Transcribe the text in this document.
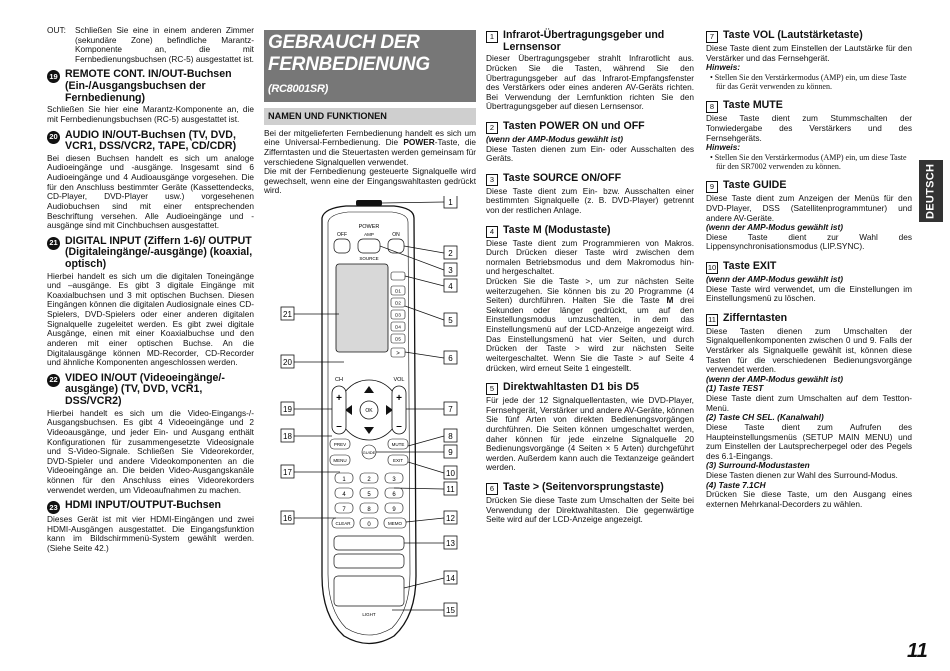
OUT:	Schließen Sie eine in einem anderen Zimmer (sekundäre Zone) befindliche Marantz-Komponente an, die mit Fernbedienungsbuchsen (RC-5) ausgestattet ist.

19 REMOTE CONT. IN/OUT-Buchsen (Ein-/Ausgangsbuchsen der Fernbedienung)

Schließen Sie hier eine Marantz-Komponente an, die mit Fernbedienungsbuchsen (RC-5) ausgestattet ist.

20 AUDIO IN/OUT-Buchsen (TV, DVD, VCR1, DSS/VCR2, TAPE, CD/CDR)

Bei diesen Buchsen handelt es sich um analoge Audioeingänge und -ausgänge. Insgesamt sind 6 Audioeingänge und 4 Audioausgänge vorgesehen. Die für den Anschluss bestimmter Geräte (Kassettendecks, CD-Player, DVD-Player usw.) vorgesehenen Audiobuchsen sind mit einer entsprechenden Beschriftung versehen. Alle Audioeingänge und -ausgänge sind mit Cinchbuchsen ausgestattet.

21 DIGITAL INPUT (Ziffern 1-6)/ OUTPUT (Digitaleingänge/-ausgänge) (koaxial, optisch)

Hierbei handelt es sich um die digitalen Toneingänge und –ausgänge. Es gibt 3 digitale Eingänge mit Koaxialbuchsen und 3 mit optischen Buchsen. Diesen Eingängen können die digitalen Audiosignale eines CD-Spielers, DVD-Spielers oder einer anderen digitalen Signalquelle zugeleitet werden. Es gibt zwei digitale Ausgänge, einen mit einer Koaxialbuchse und den anderen mit einer optischen Buchse. An die Digitalausgänge können MD-Recorder, CD-Recorder und ähnliche Komponenten angeschlossen werden.

22 VIDEO IN/OUT (Videoeingänge/-ausgänge) (TV, DVD, VCR1, DSS/VCR2)

Hierbei handelt es sich um die Video-Eingangs-/-Ausgangsbuchsen. Es gibt 4 Videoeingänge und 2 Videoausgänge, und jeder Ein- und Ausgang enthält Konfigurationen für zusammengesetzte Videosignale und S-Video-Signale. Schließen Sie Videorekorder, DVD-Spieler und andere Videokomponenten an die Videoeingänge an. Die beiden Video-Ausgangskanäle können für den Anschluss eines Videorekorders verwendet werden, um Videoaufnahmen zu machen.

23 HDMI INPUT/OUTPUT-Buchsen

Dieses Gerät ist mit vier HDMI-Eingängen und zwei HDMI-Ausgängen ausgestattet. Die Eingangsfunktion kann im Bildschirmmenü-System gewählt werden. (Siehe Seite 42.)

GEBRAUCH DER
FERNBEDIENUNG (RC8001SR)
NAMEN UND FUNKTIONEN

Bei der mitgelieferten Fernbedienung handelt es sich um eine Universal-Fernbedienung. Die POWER-Taste, die Zifferntasten und die Steuertasten werden gemeinsam für verschiedene Signalquellen verwendet.

Die mit der Fernbedienung gesteuerte Signalquelle wird gewechselt, wenn eine der Eingangswahltasten gedrückt wird.

+
–
+
–
POWER
OFF	ON
AMP
SOURCE
CH	VOL
OK
LIGHT
D1
D2
D3
D4
D5
>
PREV	MUTE
MENU	EXIT
GUIDE
1	2	3
4	5	6
7	8	9
0
CLEAR	MEMO
21
20
19
18
17
16
1
2
3
4
5
6
7
8
9
10
11
12
13
14
15
1 Infrarot-Übertragungsgeber und Lernsensor

Dieser Übertragungsgeber strahlt Infrarotlicht aus. Drücken Sie die Tasten, während Sie den Übertragungsgeber auf das Infrarot-Empfangsfenster des Verstärkers oder eines anderen AV-Geräts richten. Bei Verwendung der Lernfunktion richten Sie den Übertragungsgeber auf diesen Lernsensor.

2 Tasten POWER ON und OFF

(wenn der AMP-Modus gewählt ist)

Diese Tasten dienen zum Ein- oder Ausschalten des Geräts.

3 Taste SOURCE ON/OFF

Diese Taste dient zum Ein- bzw. Ausschalten einer bestimmten Signalquelle (z. B. DVD-Player) getrennt von der restlichen Anlage.

4 Taste M (Modustaste)

Diese Taste dient zum Programmieren von Makros. Durch Drücken dieser Taste wird zwischen dem normalen Betriebsmodus und dem Makromodus hin- und hergeschaltet.

Drücken Sie die Taste >, um zur nächsten Seite weiterzugehen. Sie können bis zu 20 Programme (4 Seiten) durchführen. Halten Sie die Taste M drei Sekunden oder länger gedrückt, um auf den Einstellungsmodus umzuschalten, in dem das Einstellungsmenü auf der LCD-Anzeige angezeigt wird. Das Einstellungsmenü hat vier Seiten, und durch Drücken der Taste > wird zur nächsten Seite weitergeschaltet. Wenn Sie die Taste > auf Seite 4 drücken, wird erneut Seite 1 eingestellt.

5 Direktwahltasten D1 bis D5

Für jede der 12 Signalquellentasten, wie DVD-Player, Fernsehgerät, Verstärker und andere AV-Geräte, können Sie fünf Arten von direkten Bedienungsvorgängen durchführen. Die Seiten können umgeschaltet werden, daher können für jede einzelne Signalquelle 20 Bedienungsvorgänge (4 Seiten × 5 Arten) durchgeführt werden. Außerdem kann auch die Textanzeige geändert werden.

6 Taste > (Seitenvorsprungstaste)

Drücken Sie diese Taste zum Umschalten der Seite bei Verwendung der Direktwahltasten. Die gegenwärtige Seite wird auf der LCD-Anzeige angezeigt.

7 Taste VOL (Lautstärketaste)

Diese Taste dient zum Einstellen der Lautstärke für den Verstärker und das Fernsehgerät.

Hinweis:

• Stellen Sie den Verstärkermodus (AMP) ein, um diese Taste für das Gerät verwenden zu können.

8 Taste MUTE

Diese Taste dient zum Stummschalten der Tonwiedergabe des Verstärkers und des Fernsehgeräts.

Hinweis:

• Stellen Sie den Verstärkermodus (AMP) ein, um diese Taste für den SR7002 verwenden zu können.

9 Taste GUIDE

Diese Taste dient zum Anzeigen der Menüs für den DVD-Player, DSS (Satellitenprogrammtuner) und andere AV-Geräte.

(wenn der AMP-Modus gewählt ist)

Diese Taste dient zur Wahl des Lippensynchronisationsmodus (LIP.SYNC).

10 Taste EXIT

(wenn der AMP-Modus gewählt ist)

Diese Taste wird verwendet, um die Einstellungen im Einstellungsmenü zu löschen.

11 Zifferntasten

Diese Tasten dienen zum Umschalten der Signalquellenkomponenten zwischen 0 und 9. Falls der Verstärker als Signalquelle gewählt ist, können diese Tasten für die verschiedenen Bedienungsvorgänge verwendet werden.

(wenn der AMP-Modus gewählt ist)

(1) Taste TEST

Diese Taste dient zum Umschalten auf dem Testton-Menü.

(2) Taste CH SEL. (Kanalwahl)

Diese Taste dient zum Aufrufen des Haupteinstellungsmenüs (SETUP MAIN MENU) und zum Einstellen der Lautsprecherpegel oder des Pegels des 6.1-Eingangs.

(3) Surround-Modustasten

Diese Tasten dienen zur Wahl des Surround-Modus.

(4) Taste 7.1CH

Drücken Sie diese Taste, um den Ausgang eines externen Mehrkanal-Decorders zu wählen.

DEUTSCH
11
